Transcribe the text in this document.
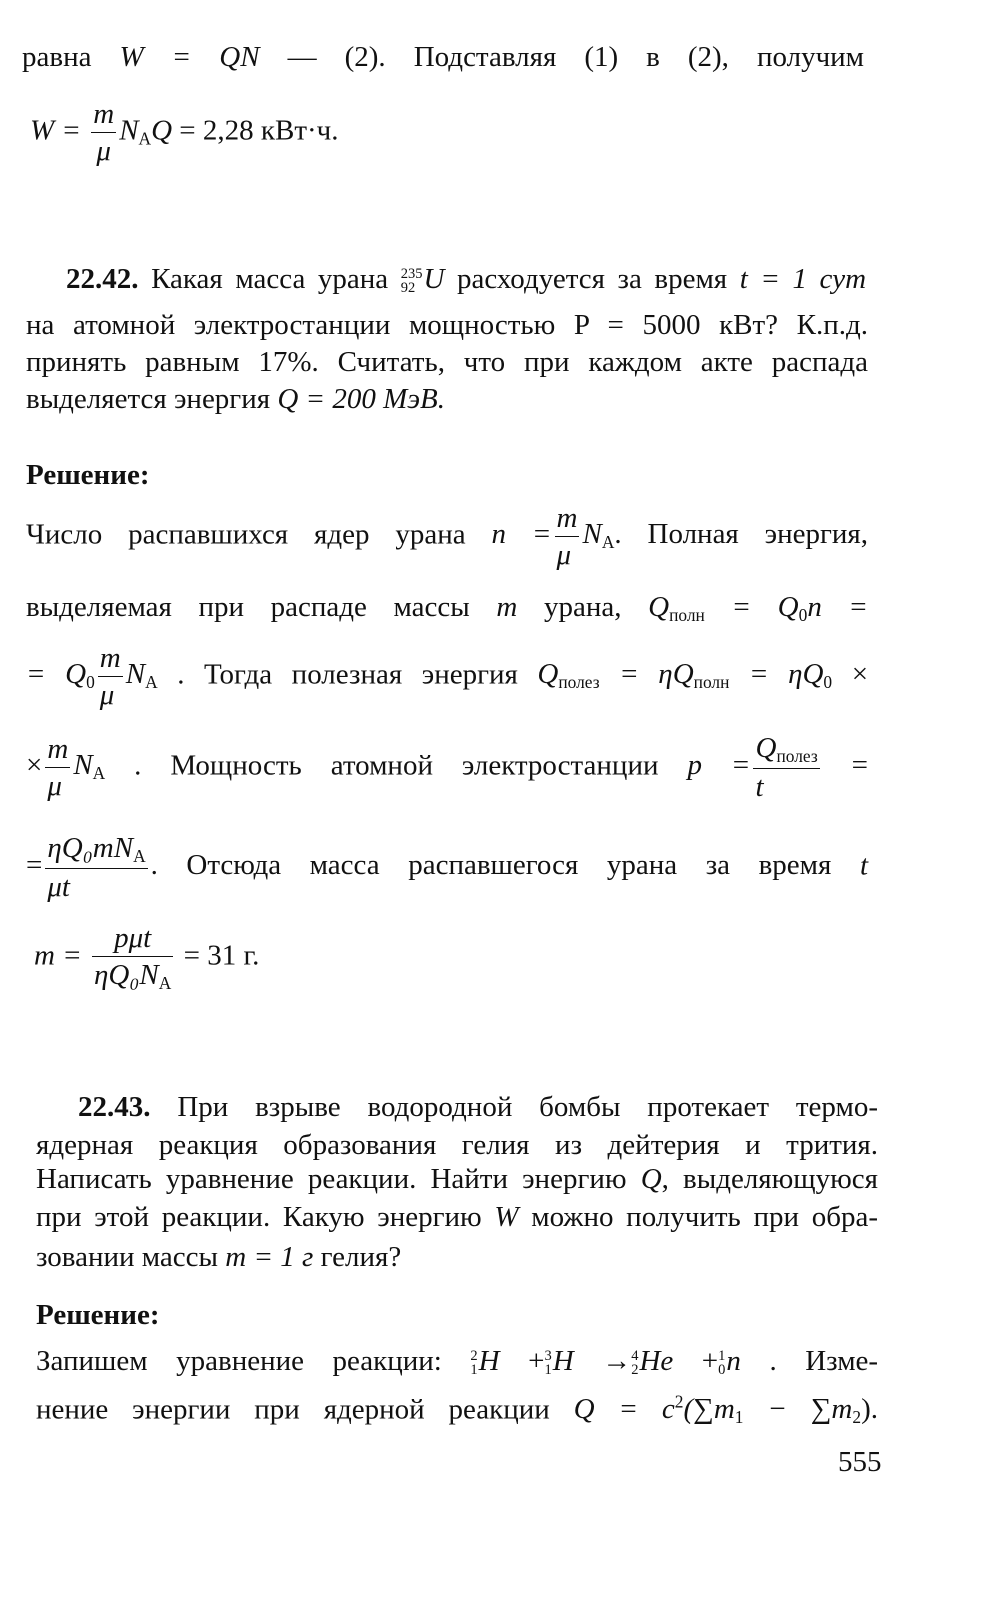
равна W = QN — (2). Подставляя (1) в (2), получим
$W = \frac{m}{\mu} N_AQ = 2,28$ кВт·ч.
22.42. Какая масса урана 235
92 U расходуется за время t = 1 сут
на атомной электростанции мощностью P = 5000 кВт? К.п.д.
принять равным 17%. Считать, что при каждом акте распада
выделяется энергия Q = 200 МэВ.
Решение:
Число распавшихся ядер урана $n = \frac{m}{\mu} N_A$. Полная энергия,
выделяемая при распаде массы m урана, $Q_{полн} = Q_0n$ =
= $Q_0 \frac{m}{\mu} N_A$ . Тогда полезная энергия $Q_{полез} = \eta Q_{полн} = \eta Q_0$ ×
× $\frac{m}{\mu} N_A$ . Мощность атомной электростанции $p = \frac{Q_{полез}}{t}$ =
= $\frac{\eta Q_0mN_A}{\mu t}$ . Отсюда масса распавшегося урана за время t
$m = \frac{\text{pμt}}{\eta Q_0N_A} = 31$ г.
22.43. При взрыве водородной бомбы протекает термо-
ядерная реакция образования гелия из дейтерия и трития.
Написать уравнение реакции. Найти энергию Q, выделяющуюся
при этой реакции. Какую энергию W можно получить при обра-
зовании массы m = 1 г гелия?
Решение:
Запишем уравнение реакции: 2
1 H + 3
1 H → 4
2 He + 1
0 n . Изме-
нение энергии при ядерной реакции $Q = c^2(\sum m_1 - \sum m_2)$.
555
